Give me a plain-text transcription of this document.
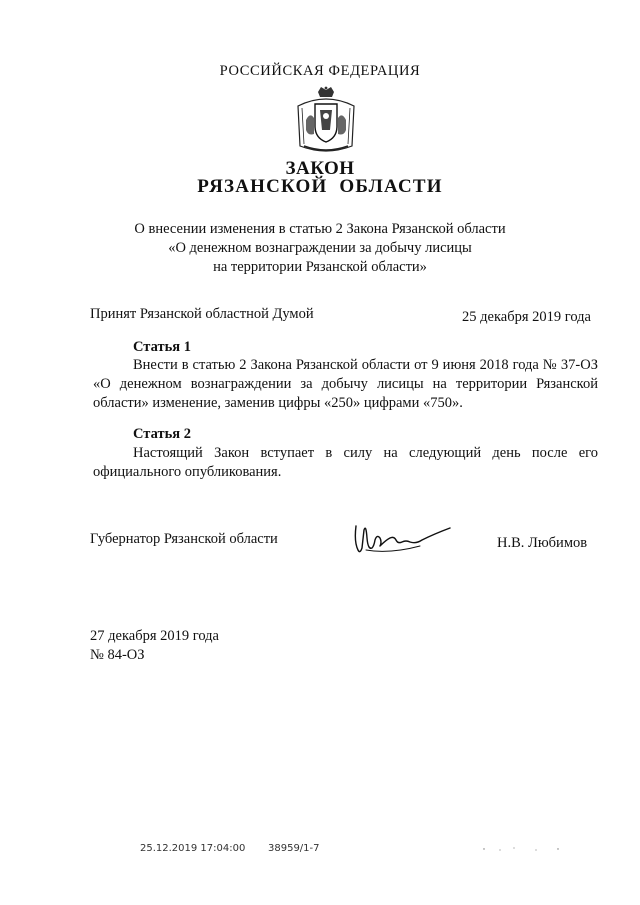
РОССИЙСКАЯ ФЕДЕРАЦИЯ
ЗАКОН
РЯЗАНСКОЙ  ОБЛАСТИ
О внесении изменения в статью 2 Закона Рязанской области
«О денежном вознаграждении за добычу лисицы
на территории Рязанской области»
Принят Рязанской областной Думой	25 декабря 2019 года
Статья 1
Внести в статью 2 Закона Рязанской области от 9 июня 2018 года № 37-ОЗ «О денежном вознаграждении за добычу лисицы на территории Рязанской области» изменение, заменив цифры «250» цифрами «750».
Статья 2
Настоящий Закон вступает в силу на следующий день после его официального опубликования.
Губернатор Рязанской области	Н.В. Любимов
27 декабря 2019 года
№ 84-ОЗ
25.12.2019 17:04:00 38959/1-7
